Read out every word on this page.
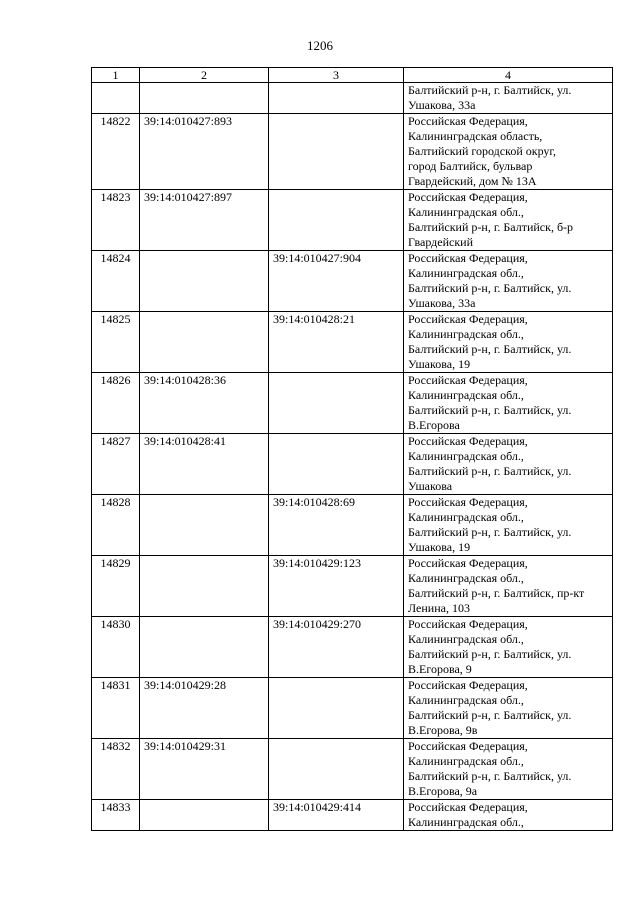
1206
1	2	3	4

			Балтийский р-н, г. Балтийск, ул.
Ушакова, 33а

14822	39:14:010427:893		Российская Федерация,
Калининградская область,
Балтийский городской округ,
город Балтийск, бульвар
Гвардейский, дом № 13А

14823	39:14:010427:897		Российская Федерация,
Калининградская обл.,
Балтийский р-н, г. Балтийск, б-р
Гвардейский

14824		39:14:010427:904	Российская Федерация,
Калининградская обл.,
Балтийский р-н, г. Балтийск, ул.
Ушакова, 33а

14825		39:14:010428:21	Российская Федерация,
Калининградская обл.,
Балтийский р-н, г. Балтийск, ул.
Ушакова, 19

14826	39:14:010428:36		Российская Федерация,
Калининградская обл.,
Балтийский р-н, г. Балтийск, ул.
В.Егорова

14827	39:14:010428:41		Российская Федерация,
Калининградская обл.,
Балтийский р-н, г. Балтийск, ул.
Ушакова

14828		39:14:010428:69	Российская Федерация,
Калининградская обл.,
Балтийский р-н, г. Балтийск, ул.
Ушакова, 19

14829		39:14:010429:123	Российская Федерация,
Калининградская обл.,
Балтийский р-н, г. Балтийск, пр-кт
Ленина, 103

14830		39:14:010429:270	Российская Федерация,
Калининградская обл.,
Балтийский р-н, г. Балтийск, ул.
В.Егорова, 9

14831	39:14:010429:28		Российская Федерация,
Калининградская обл.,
Балтийский р-н, г. Балтийск, ул.
В.Егорова, 9в

14832	39:14:010429:31		Российская Федерация,
Калининградская обл.,
Балтийский р-н, г. Балтийск, ул.
В.Егорова, 9а

14833		39:14:010429:414	Российская Федерация,
Калининградская обл.,
